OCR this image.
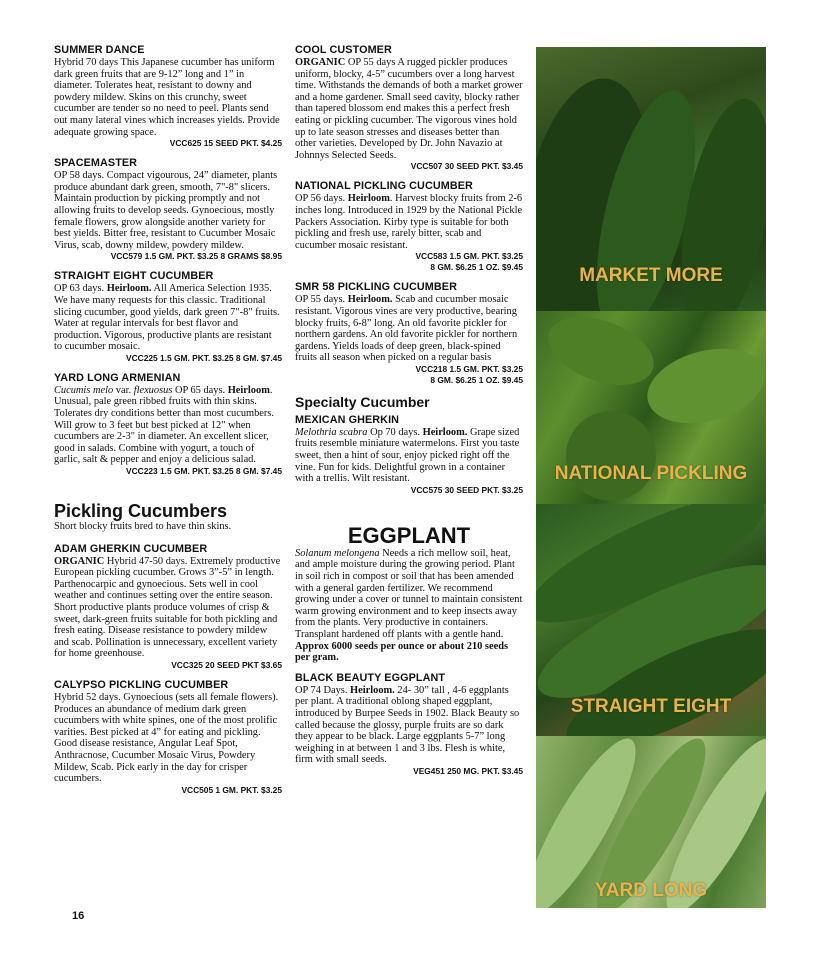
SUMMER DANCE
Hybrid 70 days This Japanese cucumber has uniform dark green fruits that are 9-12” long and 1” in diameter. Tolerates heat, resistant to downy and powdery mildew. Skins on this crunchy, sweet cucumber are tender so no need to peel. Plants send out many lateral vines which increases yields. Provide adequate growing space.
VCC625 15 SEED PKT. $4.25
SPACEMASTER
OP 58 days. Compact vigourous, 24” diameter, plants produce abundant dark green, smooth, 7"-8" slicers. Maintain production by picking promptly and not allowing fruits to develop seeds. Gynoecious, mostly female flowers, grow alongside another variety for best yields. Bitter free, resistant to Cucumber Mosaic Virus, scab, downy mildew, powdery mildew.
VCC579 1.5 GM. PKT. $3.25 8 GRAMS $8.95
STRAIGHT EIGHT CUCUMBER
OP 63 days. Heirloom. All America Selection 1935. We have many requests for this classic. Traditional slicing cucumber, good yields, dark green 7"-8" fruits. Water at regular intervals for best flavor and production. Vigorous, productive plants are resistant to cucumber mosaic.
VCC225 1.5 GM. PKT. $3.25 8 GM. $7.45
YARD LONG ARMENIAN
Cucumis melo var. flexuosus OP 65 days. Heirloom. Unusual, pale green ribbed fruits with thin skins. Tolerates dry conditions better than most cucumbers. Will grow to 3 feet but best picked at 12" when cucumbers are 2-3" in diameter. An excellent slicer, good in salads. Combine with yogurt, a touch of garlic, salt & pepper and enjoy a delicious salad.
VCC223 1.5 GM. PKT. $3.25 8 GM. $7.45
Pickling Cucumbers
Short blocky fruits bred to have thin skins.
ADAM GHERKIN CUCUMBER
ORGANIC Hybrid 47-50 days. Extremely productive European pickling cucumber. Grows 3”-5” in length. Parthenocarpic and gynoecious. Sets well in cool weather and continues setting over the entire season. Short productive plants produce volumes of crisp & sweet, dark-green fruits suitable for both pickling and fresh eating. Disease resistance to powdery mildew and scab. Pollination is unnecessary, excellent variety for home greenhouse.
VCC325 20 SEED PKT $3.65
CALYPSO PICKLING CUCUMBER
Hybrid 52 days. Gynoecious (sets all female flowers). Produces an abundance of medium dark green cucumbers with white spines, one of the most prolific varities. Best picked at 4” for eating and pickling. Good disease resistance, Angular Leaf Spot, Anthracnose, Cucumber Mosaic Virus, Powdery Mildew, Scab. Pick early in the day for crisper cucumbers.
VCC505 1 GM. PKT. $3.25
COOL CUSTOMER
ORGANIC OP 55 days A rugged pickler produces uniform, blocky, 4-5” cucumbers over a long harvest time. Withstands the demands of both a market grower and a home gardener. Small seed cavity, blocky rather than tapered blossom end makes this a perfect fresh eating or pickling cucumber. The vigorous vines hold up to late season stresses and diseases better than other varieties. Developed by Dr. John Navazio at Johnnys Selected Seeds.
VCC507 30 SEED PKT. $3.45
NATIONAL PICKLING CUCUMBER
OP 56 days. Heirloom. Harvest blocky fruits from 2-6 inches long. Introduced in 1929 by the National Pickle Packers Association. Kirby type is suitable for both pickling and fresh use, rarely bitter, scab and cucumber mosaic resistant.
VCC583 1.5 GM. PKT. $3.25
8 GM. $6.25 1 OZ. $9.45
SMR 58 PICKLING CUCUMBER
OP 55 days. Heirloom. Scab and cucumber mosaic resistant. Vigorous vines are very productive, bearing blocky fruits, 6-8” long. An old favorite pickler for northern gardens. An old favorite pickler for northern gardens. Yields loads of deep green, black-spined fruits all season when picked on a regular basis
VCC218 1.5 GM. PKT. $3.25
8 GM. $6.25 1 OZ. $9.45
Specialty Cucumber
MEXICAN GHERKIN
Melothria scabra Op 70 days. Heirloom. Grape sized fruits resemble miniature watermelons. First you taste sweet, then a hint of sour, enjoy picked right off the vine. Fun for kids. Delightful grown in a container with a trellis. Wilt resistant.
VCC575 30 SEED PKT. $3.25
EGGPLANT
Solanum melongena Needs a rich mellow soil, heat, and ample moisture during the growing period. Plant in soil rich in compost or soil that has been amended with a general garden fertilizer. We recommend growing under a cover or tunnel to maintain consistent warm growing environment and to keep insects away from the plants. Very productive in containers. Transplant hardened off plants with a gentle hand. Approx 6000 seeds per ounce or about 210 seeds per gram.
BLACK BEAUTY EGGPLANT
OP 74 Days. Heirloom. 24- 30” tall , 4-6 eggplants per plant. A traditional oblong shaped eggplant, introduced by Burpee Seeds in 1902. Black Beauty so called because the glossy, purple fruits are so dark they appear to be black. Large eggplants 5-7” long weighing in at between 1 and 3 lbs. Flesh is white, firm with small seeds.
VEG451 250 MG. PKT. $3.45
MARKET MORE
NATIONAL PICKLING
STRAIGHT EIGHT
YARD LONG
16
